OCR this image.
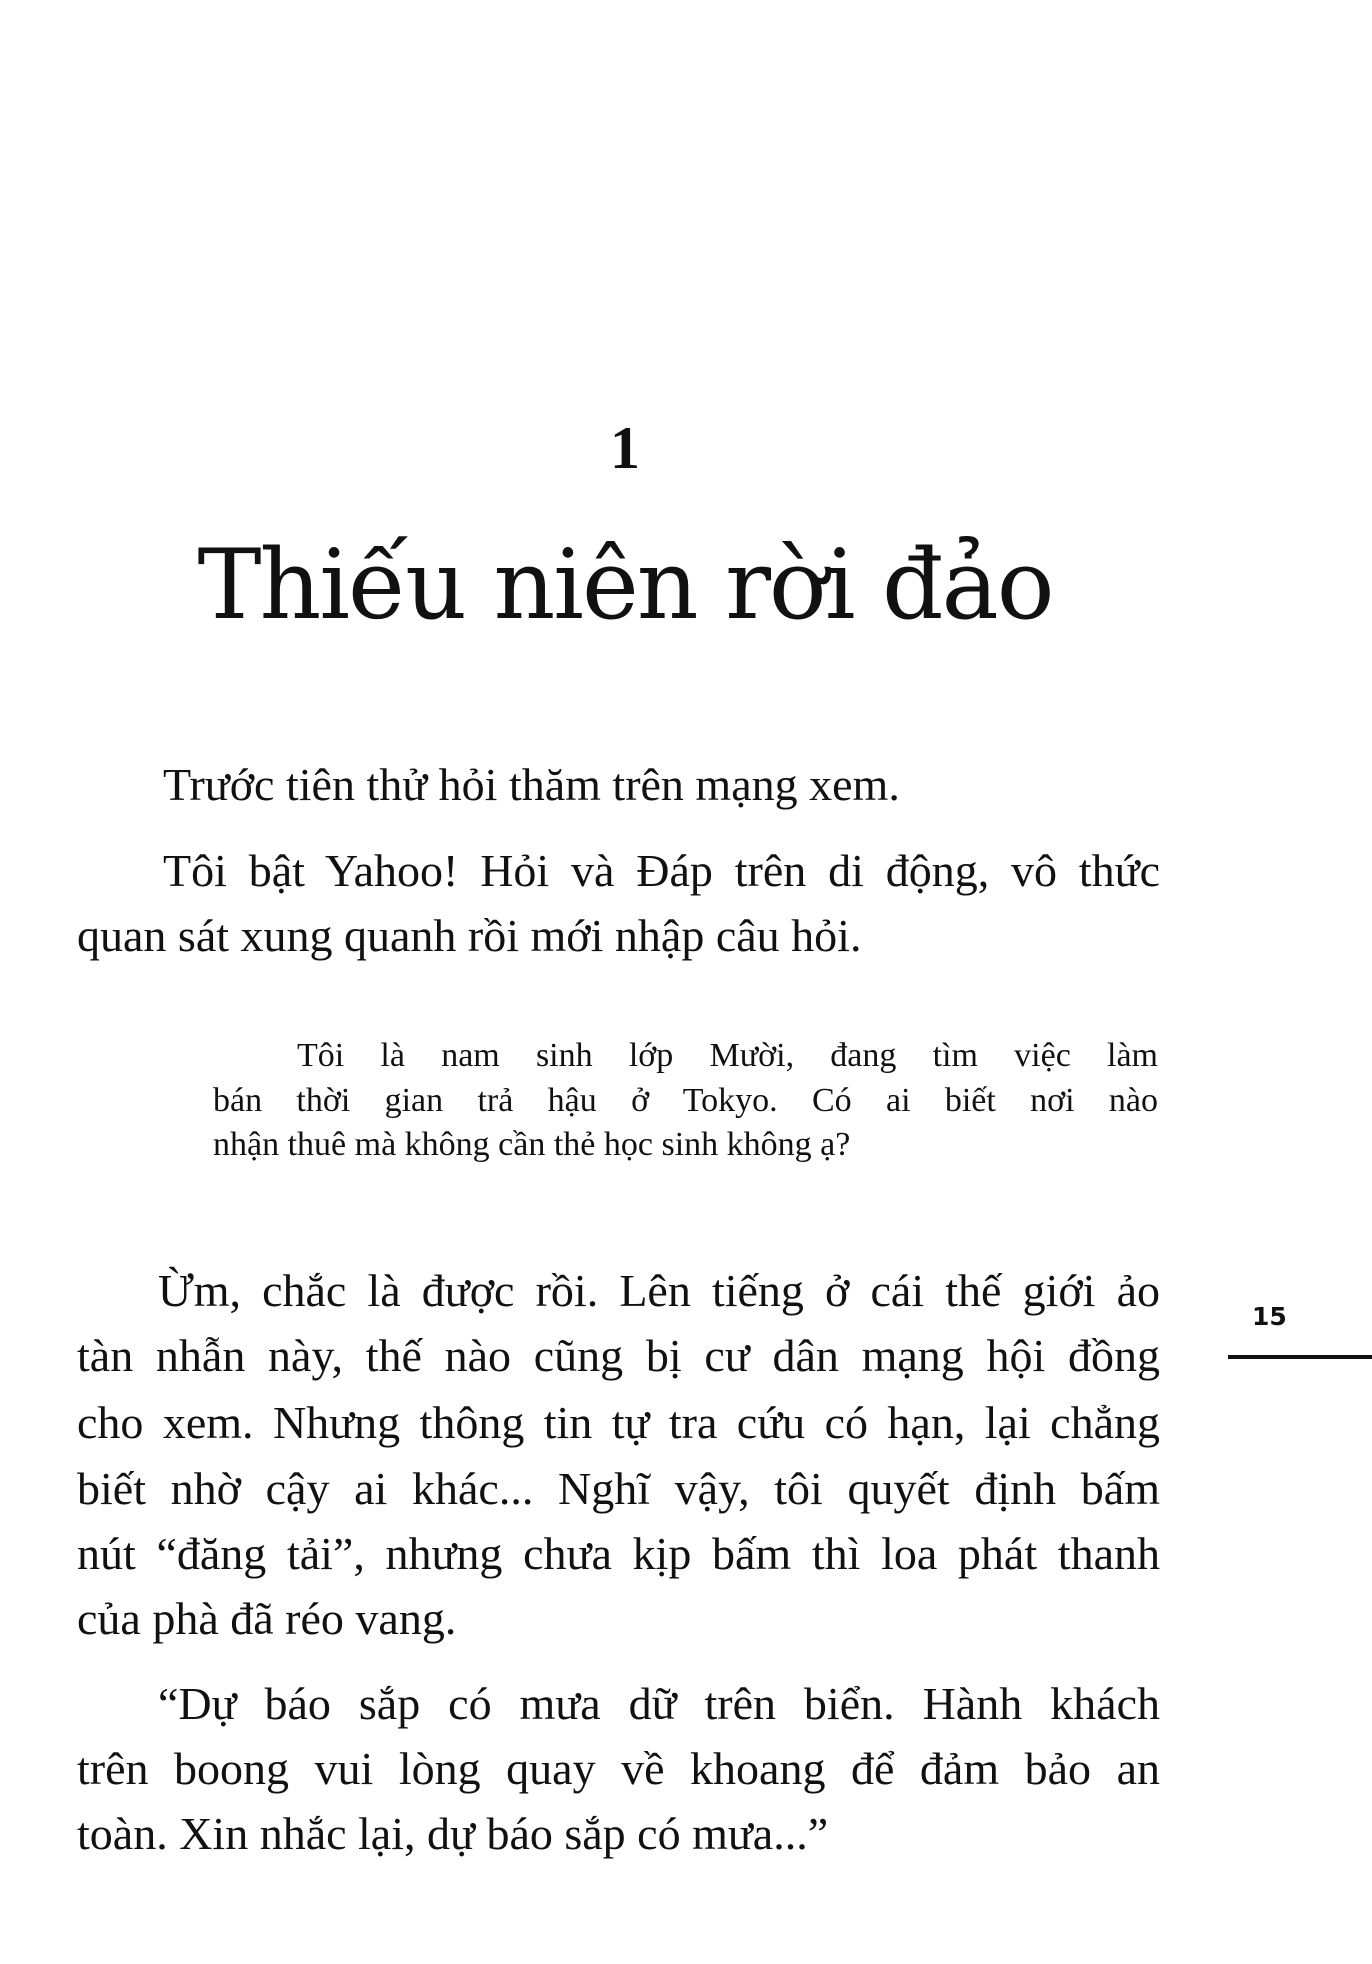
1
Thiếu niên rời đảo
Trước tiên thử hỏi thăm trên mạng xem.
Tôi bật Yahoo! Hỏi và Đáp trên di động, vô thức
quan sát xung quanh rồi mới nhập câu hỏi.
Tôi là nam sinh lớp Mười, đang tìm việc làm
bán thời gian trả hậu ở Tokyo. Có ai biết nơi nào
nhận thuê mà không cần thẻ học sinh không ạ?
Ừm, chắc là được rồi. Lên tiếng ở cái thế giới ảo
tàn nhẫn này, thế nào cũng bị cư dân mạng hội đồng
cho xem. Nhưng thông tin tự tra cứu có hạn, lại chẳng
biết nhờ cậy ai khác... Nghĩ vậy, tôi quyết định bấm
nút “đăng tải”, nhưng chưa kịp bấm thì loa phát thanh
của phà đã réo vang.
“Dự báo sắp có mưa dữ trên biển. Hành khách
trên boong vui lòng quay về khoang để đảm bảo an
toàn. Xin nhắc lại, dự báo sắp có mưa...”
15
